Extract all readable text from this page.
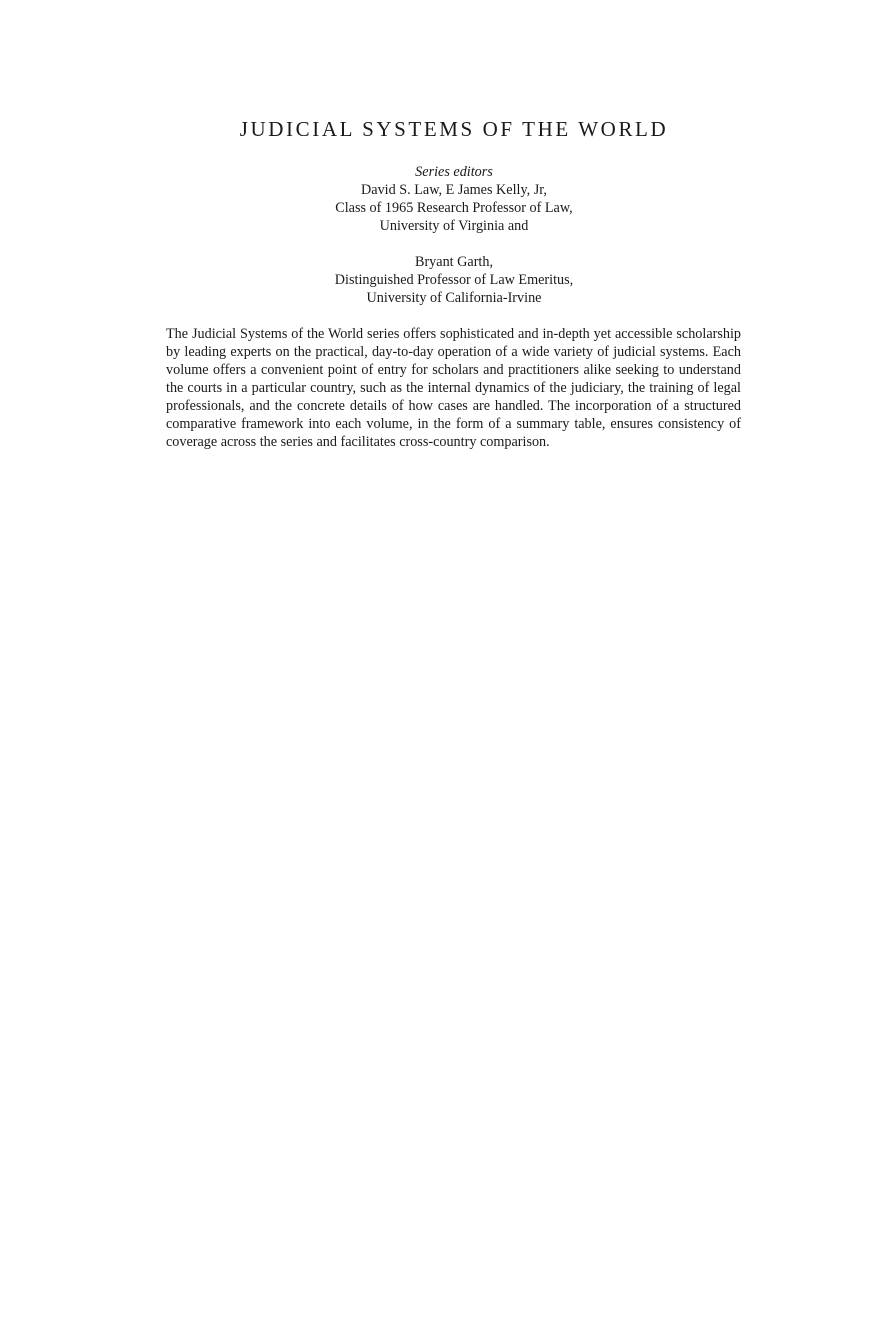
JUDICIAL SYSTEMS OF THE WORLD
Series editors
David S. Law, E James Kelly, Jr,
Class of 1965 Research Professor of Law,
University of Virginia and
Bryant Garth,
Distinguished Professor of Law Emeritus,
University of California-Irvine

The Judicial Systems of the World series offers sophisticated and in-depth yet accessible scholarship by leading experts on the practical, day-to-day operation of a wide variety of judicial systems. Each volume offers a convenient point of entry for scholars and practitioners alike seeking to understand the courts in a particular country, such as the internal dynamics of the judiciary, the training of legal professionals, and the concrete details of how cases are handled. The incorporation of a structured comparative framework into each volume, in the form of a summary table, ensures consistency of coverage across the series and facilitates cross-country comparison.
